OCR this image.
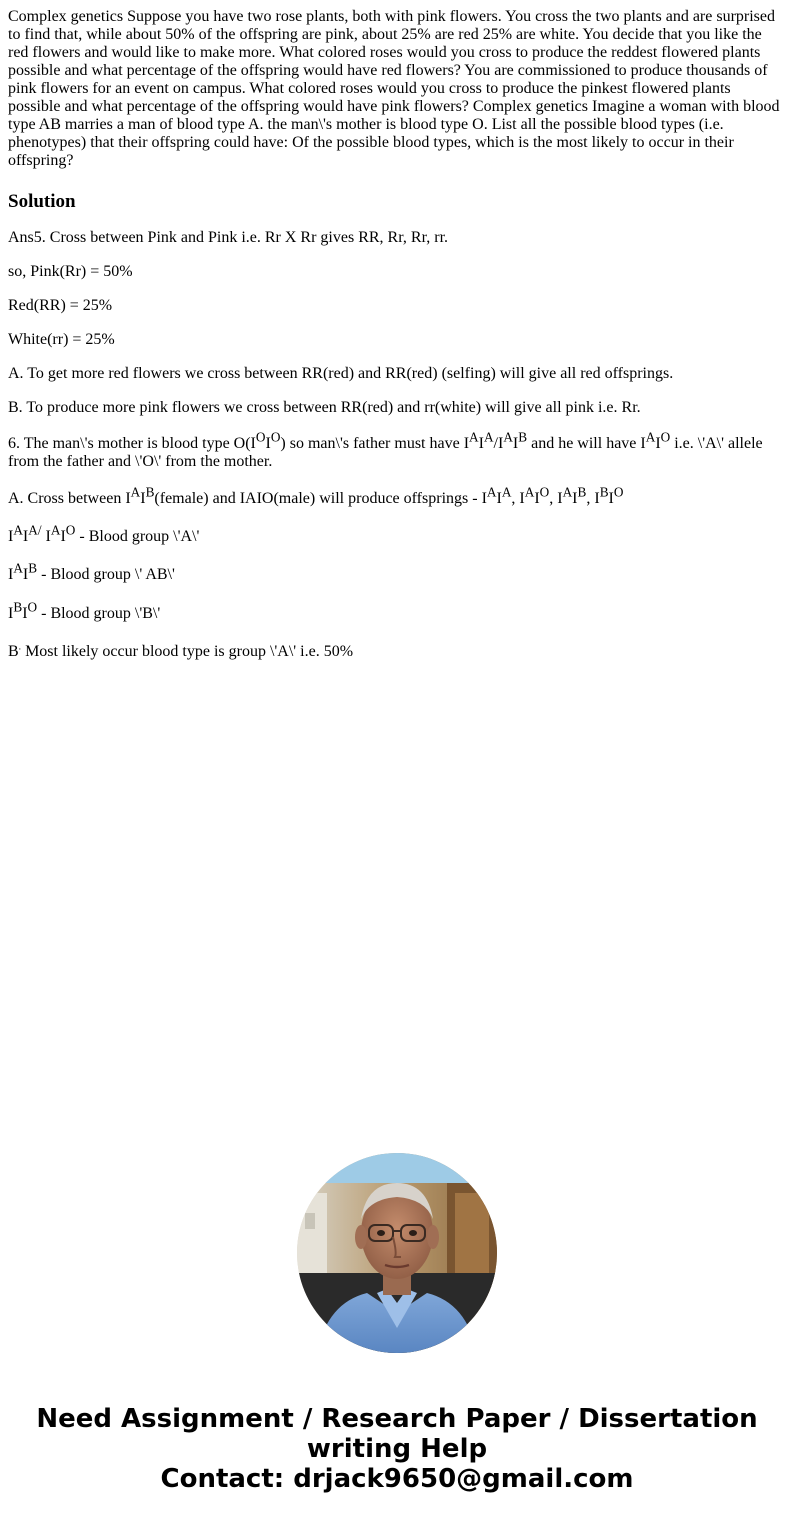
Complex genetics Suppose you have two rose plants, both with pink flowers. You cross the two plants and are surprised to find that, while about 50% of the offspring are pink, about 25% are red 25% are white. You decide that you like the red flowers and would like to make more. What colored roses would you cross to produce the reddest flowered plants possible and what percentage of the offspring would have red flowers? You are commissioned to produce thousands of pink flowers for an event on campus. What colored roses would you cross to produce the pinkest flowered plants possible and what percentage of the offspring would have pink flowers? Complex genetics Imagine a woman with blood type AB marries a man of blood type A. the man\'s mother is blood type O. List all the possible blood types (i.e. phenotypes) that their offspring could have: Of the possible blood types, which is the most likely to occur in their offspring?

Solution

Ans5. Cross between Pink and Pink i.e. Rr X Rr gives RR, Rr, Rr, rr.

so, Pink(Rr) = 50%

Red(RR) = 25%

White(rr) = 25%

A. To get more red flowers we cross between RR(red) and RR(red) (selfing) will give all red offsprings.

B. To produce more pink flowers we cross between RR(red) and rr(white) will give all pink i.e. Rr.

6. The man\'s mother is blood type $O(I^OI^O)$ so man\'s father must have $I^AI^A/I^AI^B$ and he will have $I^AI^O$ i.e. \'A\' allele from the father and \'O\' from the mother.

A. Cross between $I^AI^B(female)$ and IAIO(male) will produce offsprings - $I^AI^A$, $I^AI^O$, $I^AI^B$, $I^BI^O$

$I^AI^{A/}$ $I^AI^O$ - Blood group \'A\'

$I^AI^B$ - Blood group \' AB\'

$I^BI^O$ - Blood group \'B\'

B. Most likely occur blood type is group \'A\' i.e. 50%

Need Assignment / Research Paper / Dissertation
writing Help
Contact: drjack9650@gmail.com
